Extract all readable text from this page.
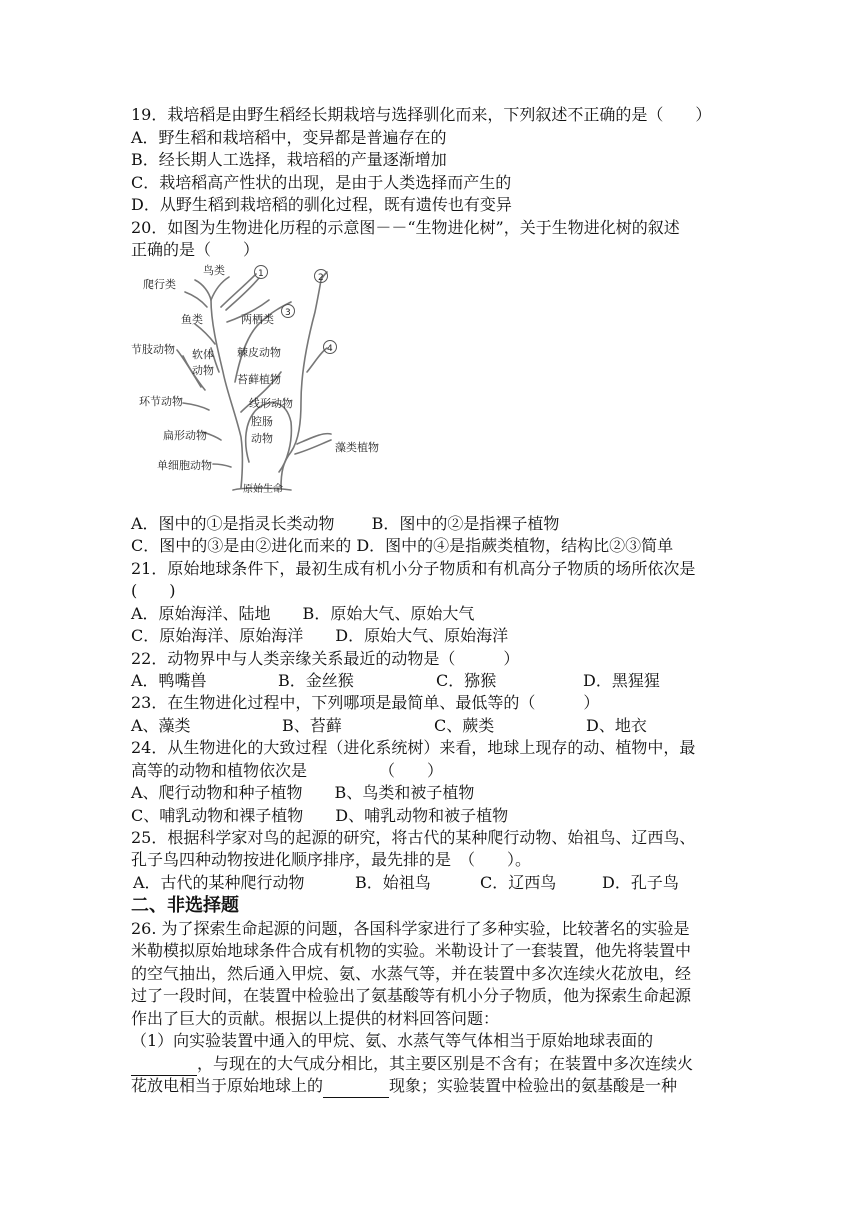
19．栽培稻是由野生稻经长期栽培与选择驯化而来，下列叙述不正确的是（　　）
A．野生稻和栽培稻中，变异都是普遍存在的
B．经长期人工选择，栽培稻的产量逐渐增加
C．栽培稻高产性状的出现，是由于人类选择而产生的
D．从野生稻到栽培稻的驯化过程，既有遗传也有变异
20．如图为生物进化历程的示意图－－“生物进化树”，关于生物进化树的叙述
正确的是（　　）
1	2
3
4
鸟类
爬行类
鱼类	两栖类
节肢动物 软体
动物
棘皮动物
苔藓植物
环节动物	线形动物
腔肠
动物
扁形动物
藻类植物
单细胞动物
原始生命
A．图中的①是指灵长类动物　　 B．图中的②是指裸子植物
C．图中的③是由②进化而来的 D．图中的④是指蕨类植物，结构比②③简单
21．原始地球条件下，最初生成有机小分子物质和有机高分子物质的场所依次是
(　　)
A．原始海洋、陆地　　B．原始大气、原始大气
C．原始海洋、原始海洋　　D．原始大气、原始海洋
22．动物界中与人类亲缘关系最近的动物是（　　　）
A．鸭嘴兽	B．金丝猴	C．猕猴	D．黑猩猩
23．在生物进化过程中，下列哪项是最简单、最低等的（　　　）
A、藻类	B、苔藓	C、蕨类	D、地衣
24．从生物进化的大致过程（进化系统树）来看，地球上现存的动、植物中，最
高等的动物和植物依次是　　　　　（　　）
A、爬行动物和种子植物　　B、鸟类和被子植物
C、哺乳动物和裸子植物　　D、哺乳动物和被子植物
25．根据科学家对鸟的起源的研究，将古代的某种爬行动物、始祖鸟、辽西鸟、
孔子鸟四种动物按进化顺序排序，最先排的是　（　　）。
A．古代的某种爬行动物	B．始祖鸟	C．辽西鸟	D．孔子鸟
二、非选择题
26. 为了探索生命起源的问题，各国科学家进行了多种实验，比较著名的实验是
米勒模拟原始地球条件合成有机物的实验。米勒设计了一套装置，他先将装置中
的空气抽出，然后通入甲烷、氨、水蒸气等，并在装置中多次连续火花放电，经
过了一段时间，在装置中检验出了氨基酸等有机小分子物质，他为探索生命起源
作出了巨大的贡献。根据以上提供的材料回答问题：
（1）向实验装置中通入的甲烷、氨、水蒸气等气体相当于原始地球表面的
，与现在的大气成分相比，其主要区别是不含有；在装置中多次连续火
花放电相当于原始地球上的	现象；实验装置中检验出的氨基酸是一种
